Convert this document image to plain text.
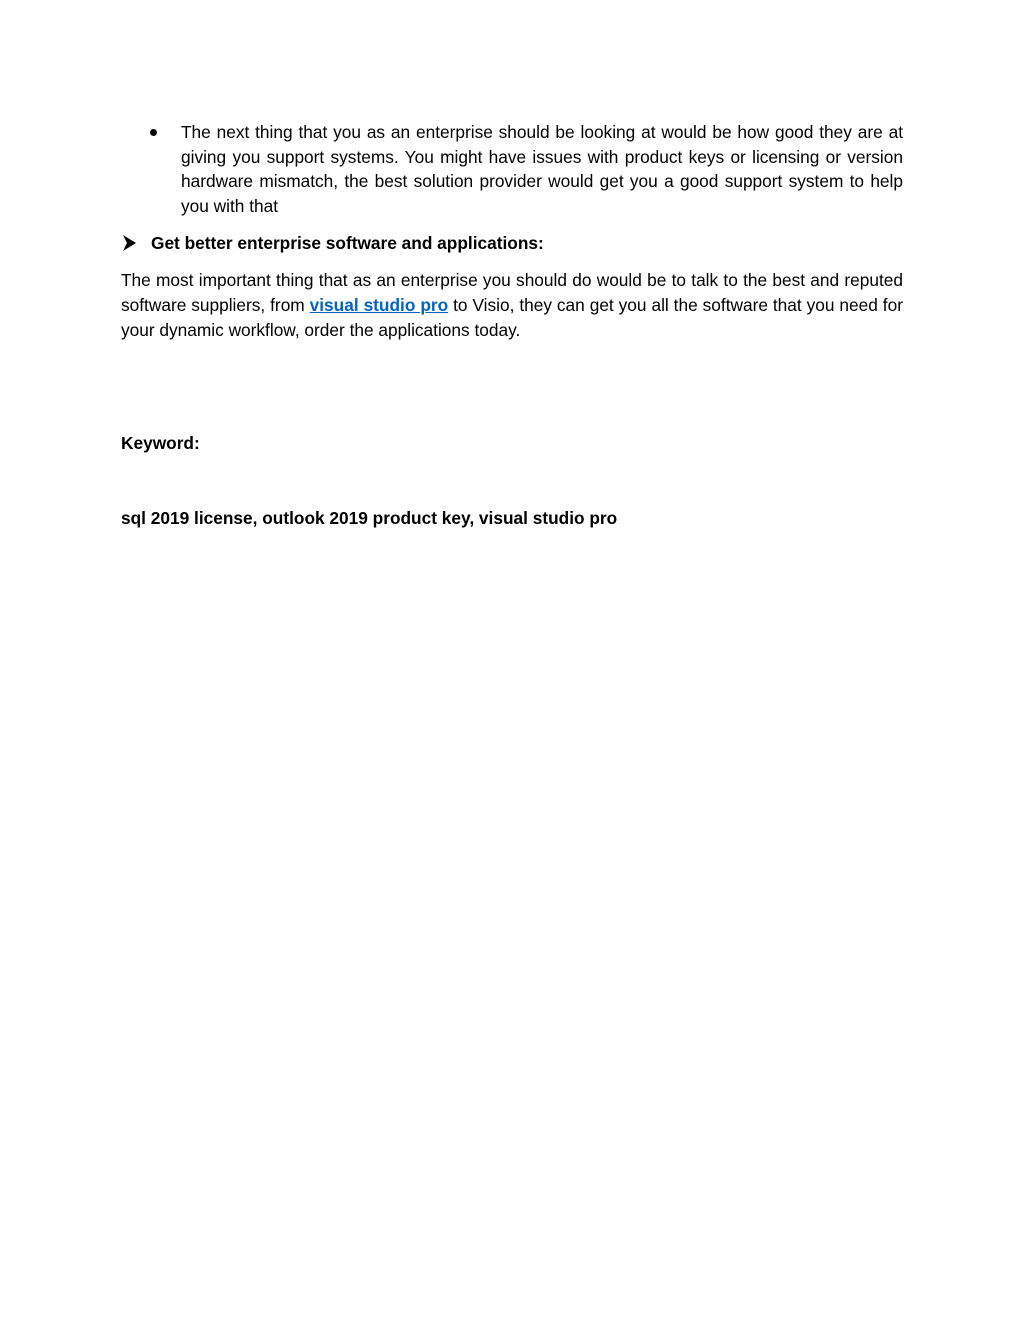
The next thing that you as an enterprise should be looking at would be how good they are at giving you support systems. You might have issues with product keys or licensing or version hardware mismatch, the best solution provider would get you a good support system to help you with that
Get better enterprise software and applications:

The most important thing that as an enterprise you should do would be to talk to the best and reputed software suppliers, from visual studio pro to Visio, they can get you all the software that you need for your dynamic workflow, order the applications today.

Keyword:
sql 2019 license, outlook 2019 product key, visual studio pro
